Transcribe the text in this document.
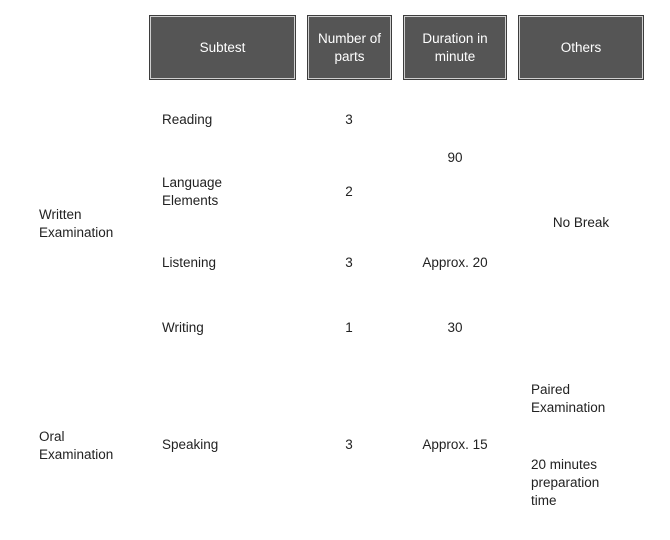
Subtest
Number of parts
Duration in minute
Others
Written Examination
Reading
Language Elements
Listening
Writing
3
2
3
1
90
Approx. 20
30
No Break
Oral Examination
Speaking	3	Approx. 15
Paired Examination
20 minutes preparation time
